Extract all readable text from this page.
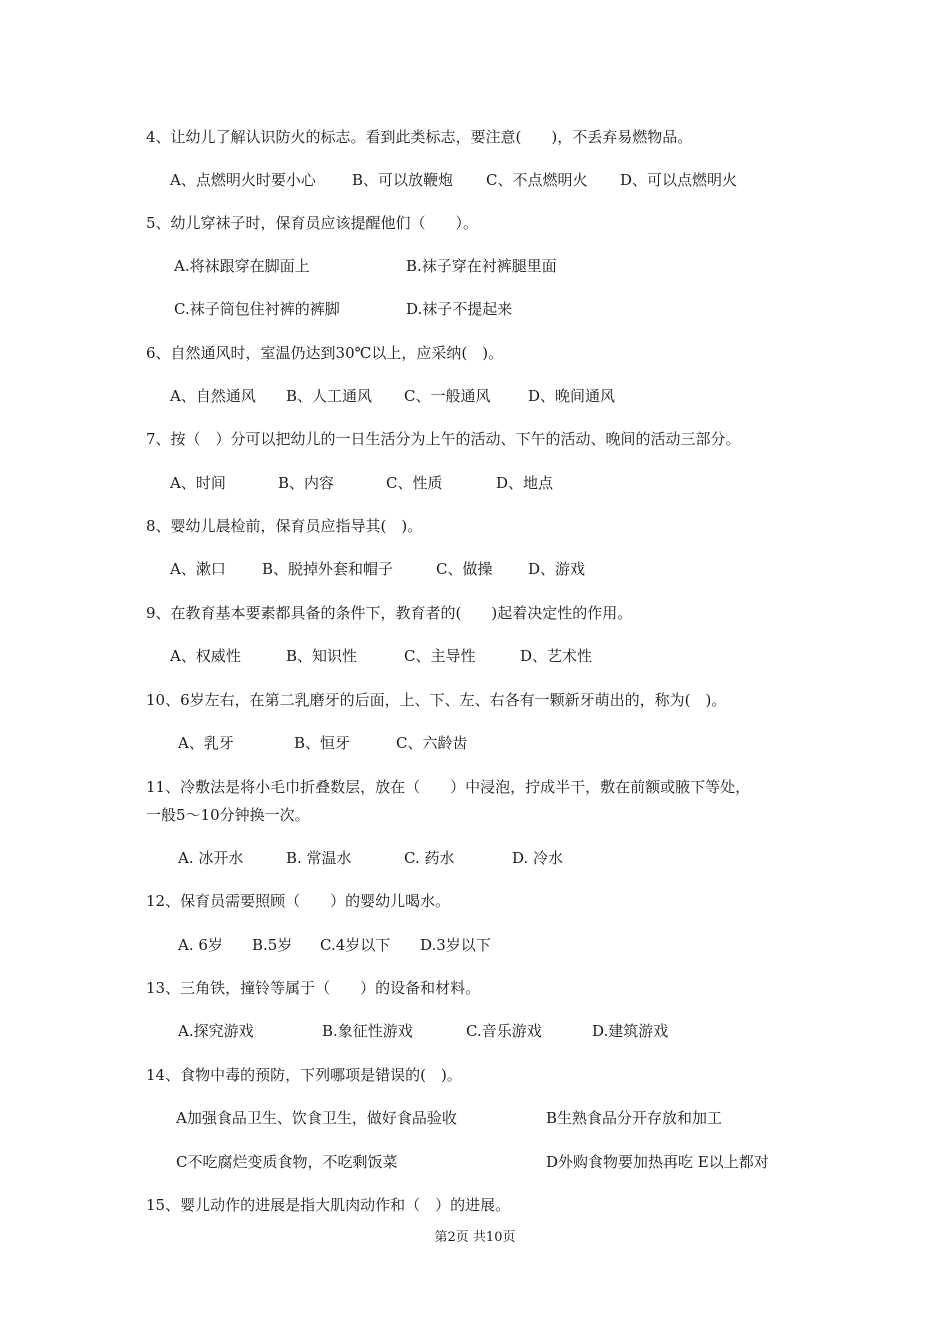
4、让幼儿了解认识防火的标志。看到此类标志，要注意(　　)，不丢弃易燃物品。
A、点燃明火时要小心 B、可以放鞭炮 C、不点燃明火 D、可以点燃明火
5、幼儿穿袜子时，保育员应该提醒他们（　　）。
A.将袜跟穿在脚面上	B.袜子穿在衬裤腿里面
C.袜子筒包住衬裤的裤脚	D.袜子不提起来
6、自然通风时，室温仍达到30℃以上，应采纳(　)。
A、自然通风 B、人工通风 C、一般通风	D、晚间通风
7、按（　）分可以把幼儿的一日生活分为上午的活动、下午的活动、晚间的活动三部分。
A、时间	B、内容	C、性质	D、地点
8、婴幼儿晨检前，保育员应指导其(　)。
A、漱口 B、脱掉外套和帽子	C、做操 D、游戏
9、在教育基本要素都具备的条件下，教育者的(　　)起着决定性的作用。
A、权威性	B、知识性	C、主导性	D、艺术性
10、6岁左右，在第二乳磨牙的后面，上、下、左、右各有一颗新牙萌出的，称为(　)。
A、乳牙	B、恒牙	C、六龄齿
11、冷敷法是将小毛巾折叠数层，放在（　　）中浸泡，拧成半干，敷在前额或腋下等处，
一般5～10分钟换一次。
A. 冰开水	B. 常温水	C. 药水	D. 冷水
12、保育员需要照顾（　　）的婴幼儿喝水。
A. 6岁 B.5岁 C.4岁以下 D.3岁以下
13、三角铁，撞铃等属于（　　）的设备和材料。
A.探究游戏	B.象征性游戏	C.音乐游戏	D.建筑游戏
14、食物中毒的预防，下列哪项是错误的(　)。
A加强食品卫生、饮食卫生，做好食品验收	B生熟食品分开存放和加工
C不吃腐烂变质食物，不吃剩饭菜	D外购食物要加热再吃 E以上都对
15、婴儿动作的进展是指大肌肉动作和（　）的进展。
第2页 共10页
